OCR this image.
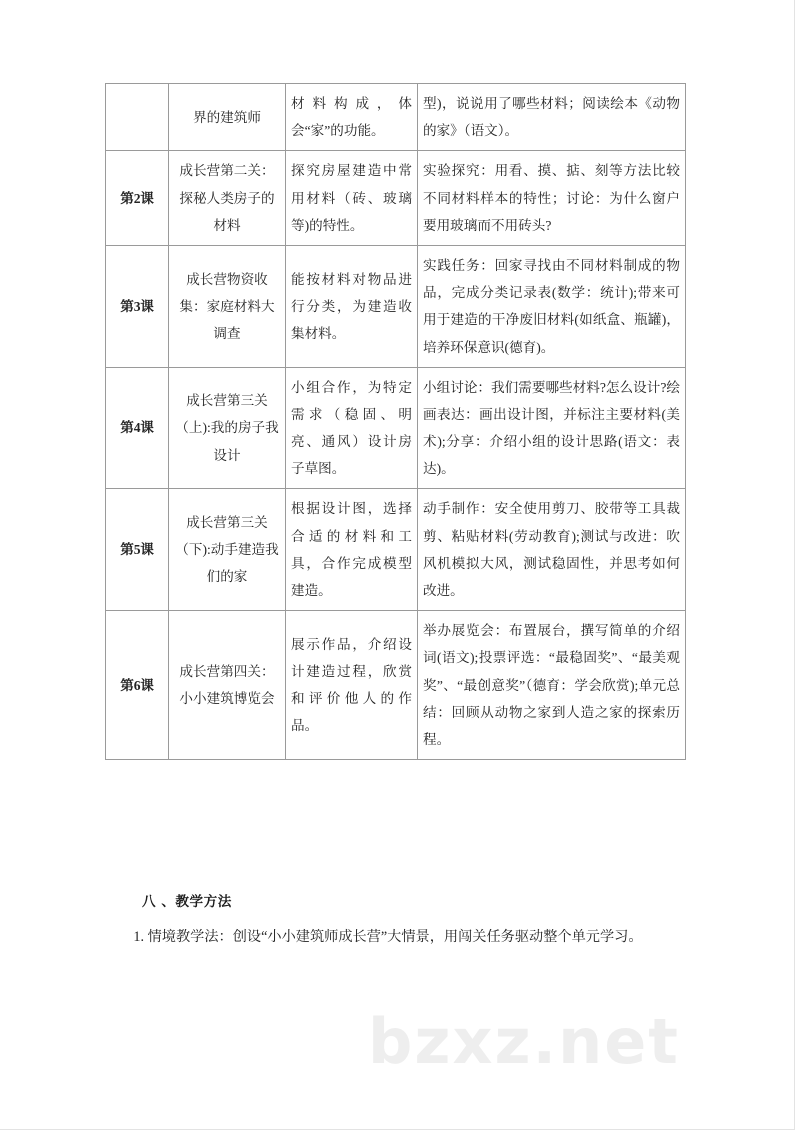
	界的建筑师	材料构成，体会“家”的功能。	型)，说说用了哪些材料；阅读绘本《动物的家》（语文）。
第2课	成长营第二关：探秘人类房子的材料	探究房屋建造中常用材料（砖、玻璃等)的特性。	实验探究：用看、摸、掂、刻等方法比较不同材料样本的特性；讨论：为什么窗户要用玻璃而不用砖头?
第3课	成长营物资收集：家庭材料大调查	能按材料对物品进行分类，为建造收集材料。	实践任务：回家寻找由不同材料制成的物品，完成分类记录表(数学：统计);带来可用于建造的干净废旧材料(如纸盒、瓶罐)，培养环保意识(德育)。
第4课	成长营第三关（上):我的房子我设计	小组合作，为特定需求（稳固、明亮、通风）设计房子草图。	小组讨论：我们需要哪些材料?怎么设计?绘画表达：画出设计图，并标注主要材料(美术);分享：介绍小组的设计思路(语文：表达)。
第5课	成长营第三关（下):动手建造我们的家	根据设计图，选择合适的材料和工具，合作完成模型建造。	动手制作：安全使用剪刀、胶带等工具裁剪、粘贴材料(劳动教育);测试与改进：吹风机模拟大风，测试稳固性，并思考如何改进。
第6课	成长营第四关：小小建筑博览会	展示作品，介绍设计建造过程，欣赏和评价他人的作品。	举办展览会：布置展台，撰写简单的介绍词(语文);投票评选：“最稳固奖”、“最美观奖”、“最创意奖”（德育：学会欣赏);单元总结：回顾从动物之家到人造之家的探索历程。
八 、教学方法

1. 情境教学法：创设“小小建筑师成长营”大情景，用闯关任务驱动整个单元学习。

bzxz.net
